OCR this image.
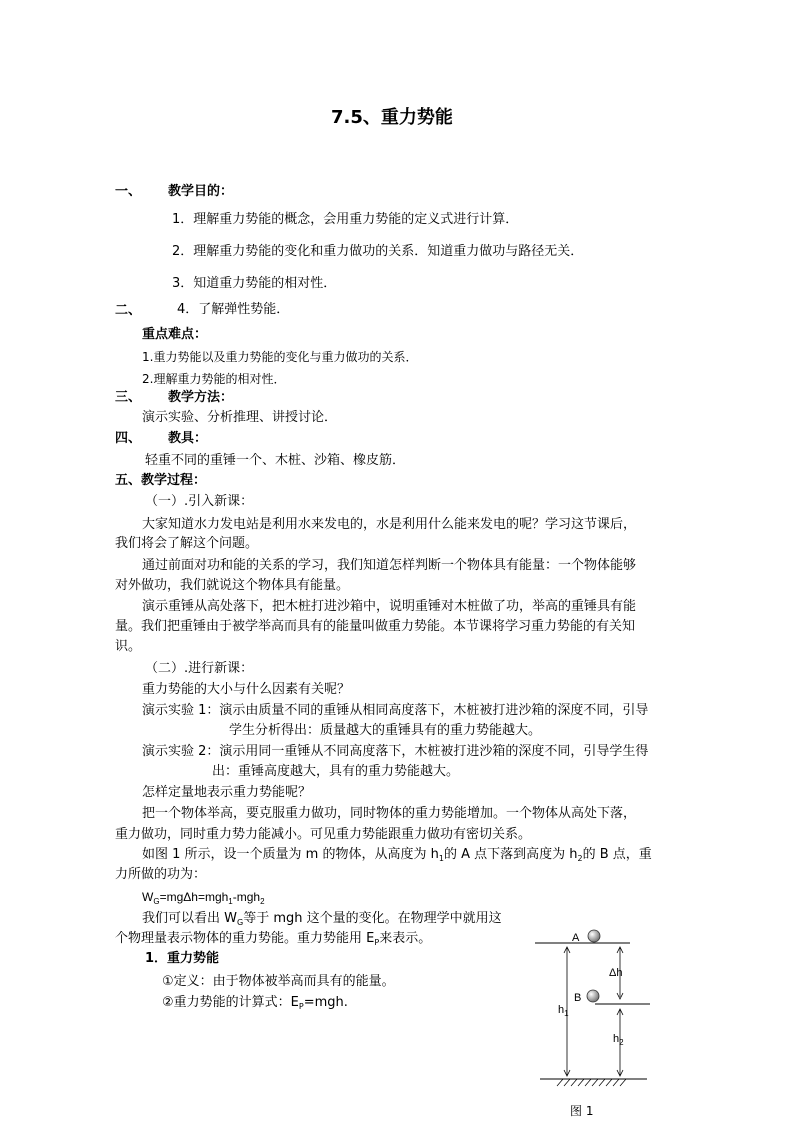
7.5、重力势能
一、 教学目的：
1．理解重力势能的概念，会用重力势能的定义式进行计算．
2．理解重力势能的变化和重力做功的关系．知道重力做功与路径无关．
3．知道重力势能的相对性．
二、	4．了解弹性势能．
重点难点：
1.重力势能以及重力势能的变化与重力做功的关系．
2.理解重力势能的相对性．
三、 教学方法：
演示实验、分析推理、讲授讨论．
四、 教具：
轻重不同的重锤一个、木桩、沙箱、橡皮筋．
五、教学过程：
（一）.引入新课：
大家知道水力发电站是利用水来发电的，水是利用什么能来发电的呢？学习这节课后，
我们将会了解这个问题。
通过前面对功和能的关系的学习，我们知道怎样判断一个物体具有能量：一个物体能够
对外做功，我们就说这个物体具有能量。
演示重锤从高处落下，把木桩打进沙箱中，说明重锤对木桩做了功，举高的重锤具有能
量。我们把重锤由于被学举高而具有的能量叫做重力势能。本节课将学习重力势能的有关知
识。
（二）.进行新课：
重力势能的大小与什么因素有关呢？
演示实验 1：演示由质量不同的重锤从相同高度落下，木桩被打进沙箱的深度不同，引导
学生分析得出：质量越大的重锤具有的重力势能越大。
演示实验 2：演示用同一重锤从不同高度落下，木桩被打进沙箱的深度不同，引导学生得
出：重锤高度越大，具有的重力势能越大。
怎样定量地表示重力势能呢？
把一个物体举高，要克服重力做功，同时物体的重力势能增加。一个物体从高处下落，
重力做功，同时重力势力能减小。可见重力势能跟重力做功有密切关系。
如图 1 所示，设一个质量为 m 的物体，从高度为 $h_1$的 A 点下落到高度为 $h_2$的 B 点，重
力所做的功为：
$W_G=mg\Delta h=mgh_1-mgh_2$
我们可以看出 $W_G$等于 mgh 这个量的变化。在物理学中就用这
个物理量表示物体的重力势能。重力势能用 $E_P$来表示。
1．重力势能
①定义：由于物体被举高而具有的能量。
②重力势能的计算式：$E_P=mgh$.
A
B
Δh
$h_1$
$h_2$
图 1
